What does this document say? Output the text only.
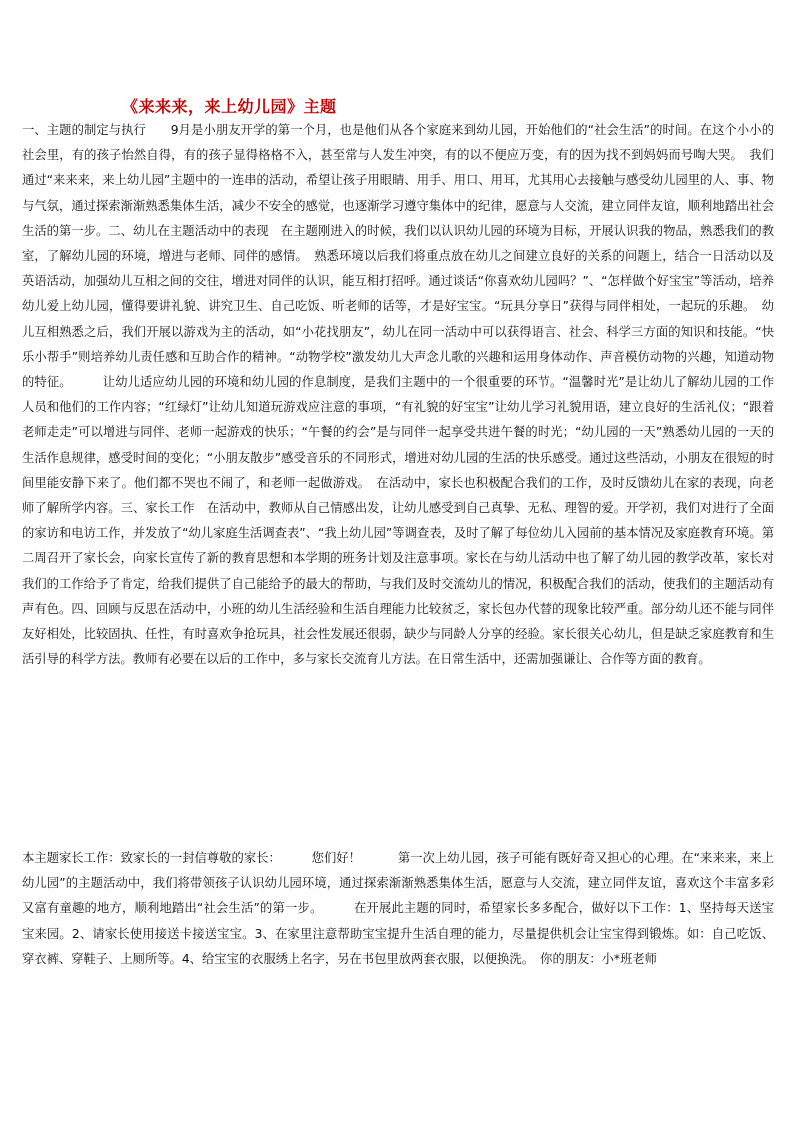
《来来来，来上幼儿园》主题

一、主题的制定与执行　　9月是小朋友开学的第一个月，也是他们从各个家庭来到幼儿园，开始他们的“社会生活”的时间。在这个小小的社会里，有的孩子怡然自得，有的孩子显得格格不入，甚至常与人发生冲突，有的以不便应万变，有的因为找不到妈妈而号啕大哭。　我们通过“来来来，来上幼儿园”主题中的一连串的活动，希望让孩子用眼睛、用手、用口、用耳，尤其用心去接触与感受幼儿园里的人、事、物与气氛，通过探索渐渐熟悉集体生活，减少不安全的感觉，也逐渐学习遵守集体中的纪律，愿意与人交流，建立同伴友谊，顺利地踏出社会生活的第一步。二、幼儿在主题活动中的表现　在主题刚进入的时候，我们以认识幼儿园的环境为目标，开展认识我的物品，熟悉我们的教室，了解幼儿园的环境，增进与老师、同伴的感情。　熟悉环境以后我们将重点放在幼儿之间建立良好的关系的问题上，结合一日活动以及英语活动，加强幼儿互相之间的交往，增进对同伴的认识，能互相打招呼。通过谈话“你喜欢幼儿园吗？”、“怎样做个好宝宝”等活动，培养幼儿爱上幼儿园，懂得要讲礼貌、讲究卫生、自己吃饭、听老师的话等，才是好宝宝。“玩具分享日”获得与同伴相处，一起玩的乐趣。　幼儿互相熟悉之后，我们开展以游戏为主的活动，如“小花找朋友”，幼儿在同一活动中可以获得语言、社会、科学三方面的知识和技能。“快乐小帮手”则培养幼儿责任感和互助合作的精神。“动物学校”激发幼儿大声念儿歌的兴趣和运用身体动作、声音模仿动物的兴趣，知道动物的特征。　　　让幼儿适应幼儿园的环境和幼儿园的作息制度，是我们主题中的一个很重要的环节。“温馨时光”是让幼儿了解幼儿园的工作人员和他们的工作内容；“红绿灯”让幼儿知道玩游戏应注意的事项，“有礼貌的好宝宝”让幼儿学习礼貌用语，建立良好的生活礼仪；“跟着老师走走”可以增进与同伴、老师一起游戏的快乐；“午餐的约会”是与同伴一起享受共进午餐的时光；“幼儿园的一天”熟悉幼儿园的一天的生活作息规律，感受时间的变化；“小朋友散步”感受音乐的不同形式，增进对幼儿园的生活的快乐感受。通过这些活动，小朋友在很短的时间里能安静下来了。他们都不哭也不闹了，和老师一起做游戏。　在活动中，家长也积极配合我们的工作，及时反馈幼儿在家的表现，向老师了解所学内容。三、家长工作　在活动中，教师从自己情感出发，让幼儿感受到自己真挚、无私、理智的爱。开学初，我们对进行了全面的家访和电访工作，并发放了“幼儿家庭生活调查表”、“我上幼儿园”等调查表，及时了解了每位幼儿入园前的基本情况及家庭教育环境。第二周召开了家长会，向家长宣传了新的教育思想和本学期的班务计划及注意事项。家长在与幼儿活动中也了解了幼儿园的教学改革，家长对我们的工作给予了肯定，给我们提供了自己能给予的最大的帮助，与我们及时交流幼儿的情况，积极配合我们的活动，使我们的主题活动有声有色。四、回顾与反思在活动中，小班的幼儿生活经验和生活自理能力比较贫乏，家长包办代替的现象比较严重。部分幼儿还不能与同伴友好相处，比较固执、任性，有时喜欢争抢玩具，社会性发展还很弱，缺少与同龄人分享的经验。家长很关心幼儿，但是缺乏家庭教育和生活引导的科学方法。教师有必要在以后的工作中，多与家长交流育儿方法。在日常生活中，还需加强谦让、合作等方面的教育。

本主题家长工作：致家长的一封信尊敬的家长：　　　您们好！　　　第一次上幼儿园，孩子可能有既好奇又担心的心理。在“来来来，来上幼儿园”的主题活动中，我们将带领孩子认识幼儿园环境，通过探索渐渐熟悉集体生活，愿意与人交流，建立同伴友谊，喜欢这个丰富多彩又富有童趣的地方，顺利地踏出“社会生活”的第一步。　　　在开展此主题的同时，希望家长多多配合，做好以下工作：1、坚持每天送宝宝来园。2、请家长使用接送卡接送宝宝。3、在家里注意帮助宝宝提升生活自理的能力，尽量提供机会让宝宝得到锻炼。如：自己吃饭、穿衣裤、穿鞋子、上厕所等。4、给宝宝的衣服绣上名字，另在书包里放两套衣服，以便换洗。　你的朋友：小*班老师
